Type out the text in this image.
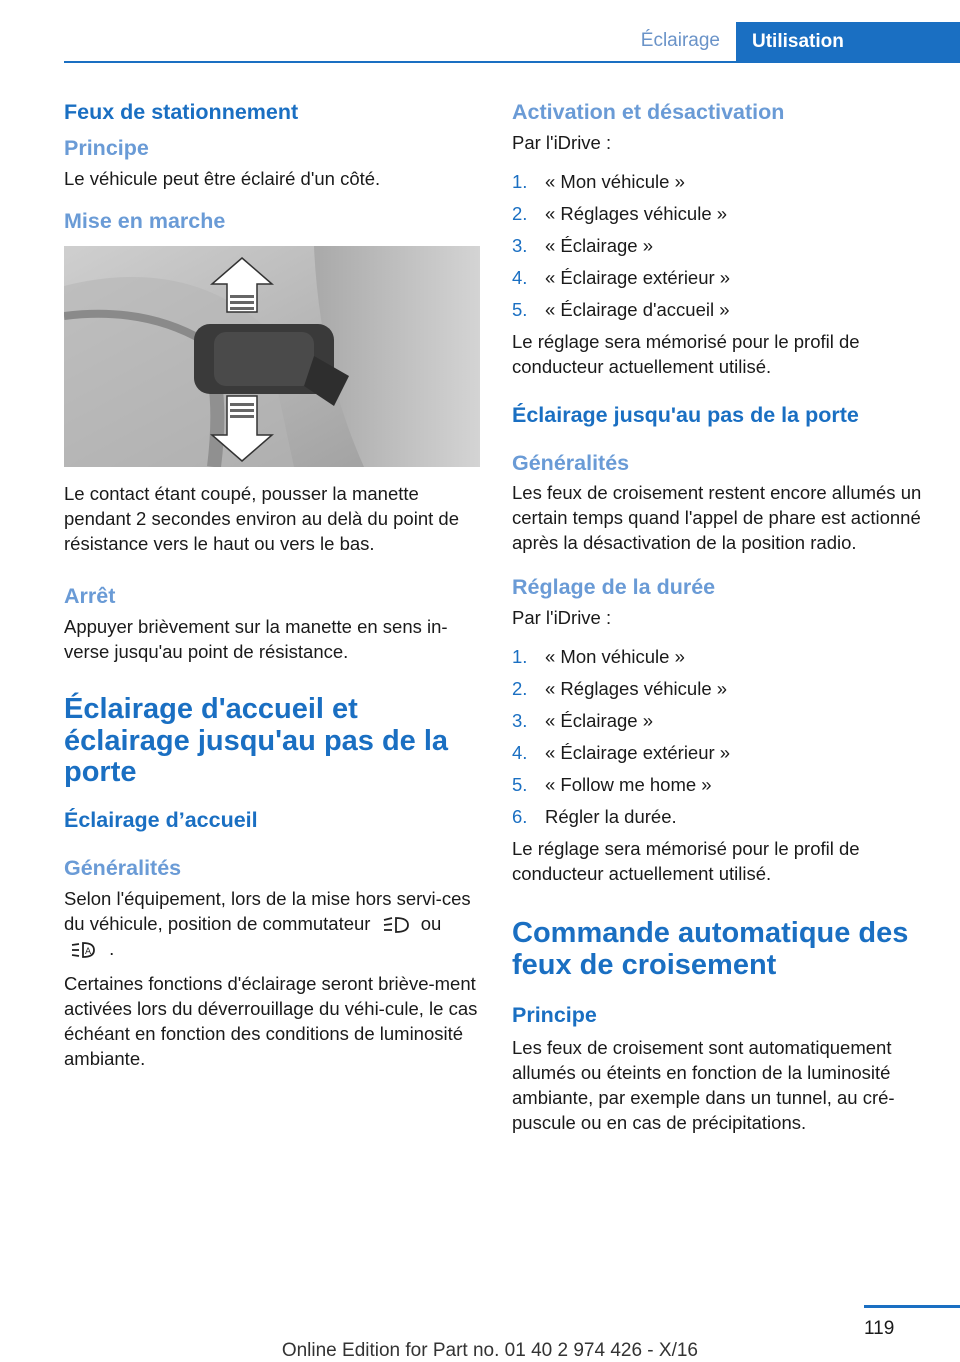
Éclairage	Utilisation
Feux de stationnement
Principe
Le véhicule peut être éclairé d'un côté.
Mise en marche
Le contact étant coupé, pousser la manette pendant 2 secondes environ au delà du point de résistance vers le haut ou vers le bas.
Arrêt
Appuyer brièvement sur la manette en sens in-verse jusqu'au point de résistance.
Éclairage d'accueil et éclairage jusqu'au pas de la porte
Éclairage d’accueil
Généralités
Selon l'équipement, lors de la mise hors servi-ces du véhicule, position de commutateur	ou
A .
Certaines fonctions d'éclairage seront briève-ment activées lors du déverrouillage du véhi-cule, le cas échéant en fonction des conditions de luminosité ambiante.
Activation et désactivation
Par l'iDrive :
1. « Mon véhicule »
2. « Réglages véhicule »
3. « Éclairage »
4. « Éclairage extérieur »
5. « Éclairage d'accueil »
Le réglage sera mémorisé pour le profil de conducteur actuellement utilisé.
Éclairage jusqu'au pas de la porte
Généralités
Les feux de croisement restent encore allumés un certain temps quand l'appel de phare est actionné après la désactivation de la position radio.
Réglage de la durée
Par l'iDrive :
1. « Mon véhicule »
2. « Réglages véhicule »
3. « Éclairage »
4. « Éclairage extérieur »
5. « Follow me home »
6. Régler la durée.
Le réglage sera mémorisé pour le profil de conducteur actuellement utilisé.
Commande automatique des feux de croisement
Principe
Les feux de croisement sont automatiquement allumés ou éteints en fonction de la luminosité ambiante, par exemple dans un tunnel, au cré-puscule ou en cas de précipitations.
119
Online Edition for Part no. 01 40 2 974 426 - X/16
